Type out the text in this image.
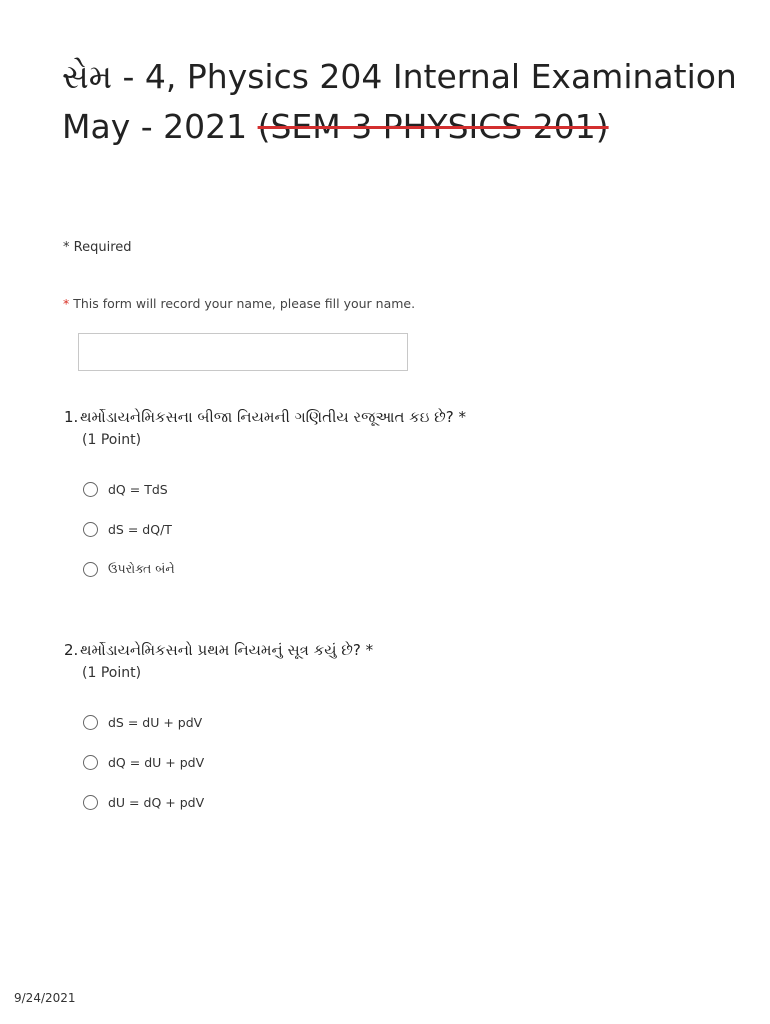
સેમ - 4, Physics 204 Internal Examination May - 2021 (SEM 3 PHYSICS 201)
* Required
* This form will record your name, please fill your name.
1. થર્મોડાયનેમિકસના બીજા નિયમની ગણિતીય રજૂઆત કઇ છે? *
(1 Point)
dQ = TdS
dS = dQ/T
ઉપરોક્ત બંને
2. થર્મોડાયનેમિકસનો પ્રથમ નિયમનું સૂત્ર કયું છે? *
(1 Point)
dS = dU + pdV
dQ = dU + pdV
dU = dQ + pdV
9/24/2021
